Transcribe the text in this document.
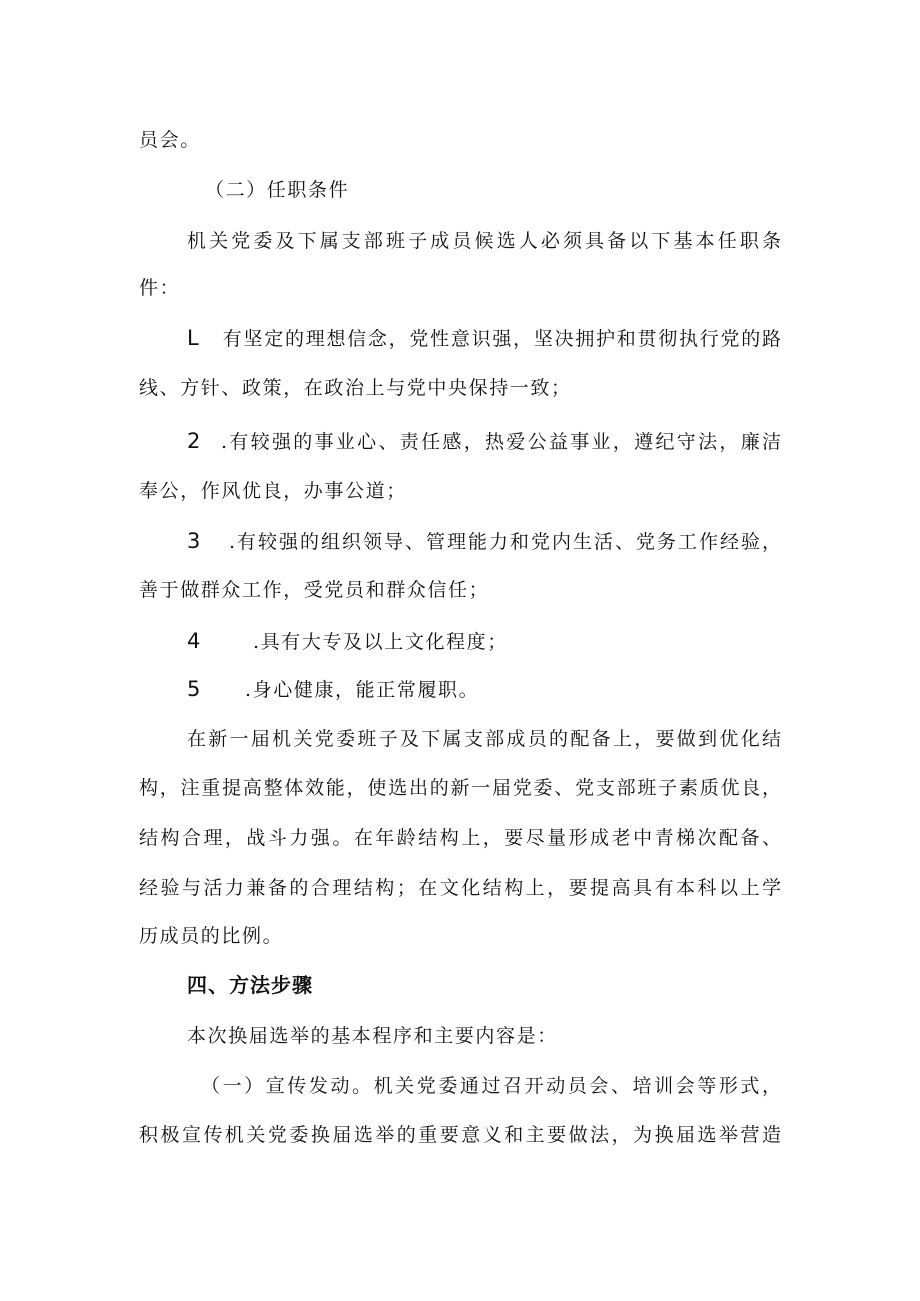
员会。
（二）任职条件
机关党委及下属支部班子成员候选人必须具备以下基本任职条
件：
L 有坚定的理想信念，党性意识强，坚决拥护和贯彻执行党的路
线、方针、政策，在政治上与党中央保持一致；
2 .有较强的事业心、责任感，热爱公益事业，遵纪守法，廉洁
奉公，作风优良，办事公道；
3 .有较强的组织领导、管理能力和党内生活、党务工作经验，
善于做群众工作，受党员和群众信任；
4	.具有大专及以上文化程度；
5 .身心健康，能正常履职。
在新一届机关党委班子及下属支部成员的配备上，要做到优化结
构，注重提高整体效能，使选出的新一届党委、党支部班子素质优良，
结构合理，战斗力强。在年龄结构上，要尽量形成老中青梯次配备、
经验与活力兼备的合理结构；在文化结构上，要提高具有本科以上学
历成员的比例。
四、方法步骤
本次换届选举的基本程序和主要内容是：
（一）宣传发动。机关党委通过召开动员会、培训会等形式，
积极宣传机关党委换届选举的重要意义和主要做法，为换届选举营造
